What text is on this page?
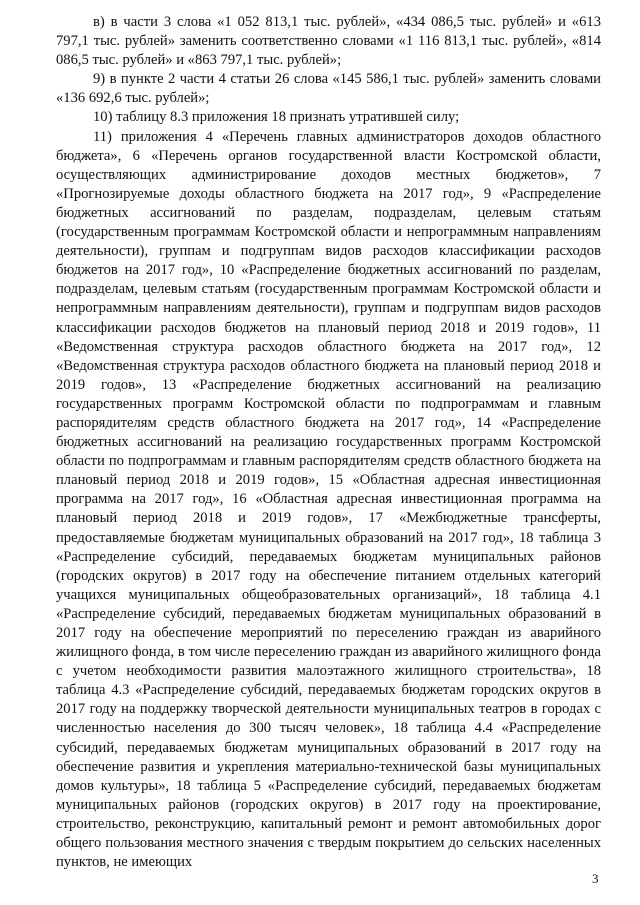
в) в части 3 слова «1 052 813,1 тыс. рублей», «434 086,5 тыс. рублей» и «613 797,1 тыс. рублей» заменить соответственно словами «1 116 813,1 тыс. рублей», «814 086,5 тыс. рублей» и «863 797,1 тыс. рублей»;

9) в пункте 2 части 4 статьи 26 слова «145 586,1 тыс. рублей» заменить словами «136 692,6 тыс. рублей»;

10) таблицу 8.3 приложения 18 признать утратившей силу;

11) приложения 4 «Перечень главных администраторов доходов областного бюджета», 6 «Перечень органов государственной власти Костромской области, осуществляющих администрирование доходов местных бюджетов», 7 «Прогнозируемые доходы областного бюджета на 2017 год», 9 «Распределение бюджетных ассигнований по разделам, подразделам, целевым статьям (государственным программам Костромской области и непрограммным направлениям деятельности), группам и подгруппам видов расходов классификации расходов бюджетов на 2017 год», 10 «Распределение бюджетных ассигнований по разделам, подразделам, целевым статьям (государственным программам Костромской области и непрограммным направлениям деятельности), группам и подгруппам видов расходов классификации расходов бюджетов на плановый период 2018 и 2019 годов», 11 «Ведомственная структура расходов областного бюджета на 2017 год», 12 «Ведомственная структура расходов областного бюджета на плановый период 2018 и 2019 годов», 13 «Распределение бюджетных ассигнований на реализацию государственных программ Костромской области по подпрограммам и главным распорядителям средств областного бюджета на 2017 год», 14 «Распределение бюджетных ассигнований на реализацию государственных программ Костромской области по подпрограммам и главным распорядителям средств областного бюджета на плановый период 2018 и 2019 годов», 15 «Областная адресная инвестиционная программа на 2017 год», 16 «Областная адресная инвестиционная программа на плановый период 2018 и 2019 годов», 17 «Межбюджетные трансферты, предоставляемые бюджетам муниципальных образований на 2017 год», 18 таблица 3 «Распределение субсидий, передаваемых бюджетам муниципальных районов (городских округов) в 2017 году на обеспечение питанием отдельных категорий учащихся муниципальных общеобразовательных организаций», 18 таблица 4.1 «Распределение субсидий, передаваемых бюджетам муниципальных образований в 2017 году на обеспечение мероприятий по переселению граждан из аварийного жилищного фонда, в том числе переселению граждан из аварийного жилищного фонда с учетом необходимости развития малоэтажного жилищного строительства», 18 таблица 4.3 «Распределение субсидий, передаваемых бюджетам городских округов в 2017 году на поддержку творческой деятельности муниципальных театров в городах с численностью населения до 300 тысяч человек», 18 таблица 4.4 «Распределение субсидий, передаваемых бюджетам муниципальных образований в 2017 году на обеспечение развития и укрепления материально-технической базы муниципальных домов культуры», 18 таблица 5 «Распределение субсидий, передаваемых бюджетам муниципальных районов (городских округов) в 2017 году на проектирование, строительство, реконструкцию, капитальный ремонт и ремонт автомобильных дорог общего пользования местного значения с твердым покрытием до сельских населенных пунктов, не имеющих

3
